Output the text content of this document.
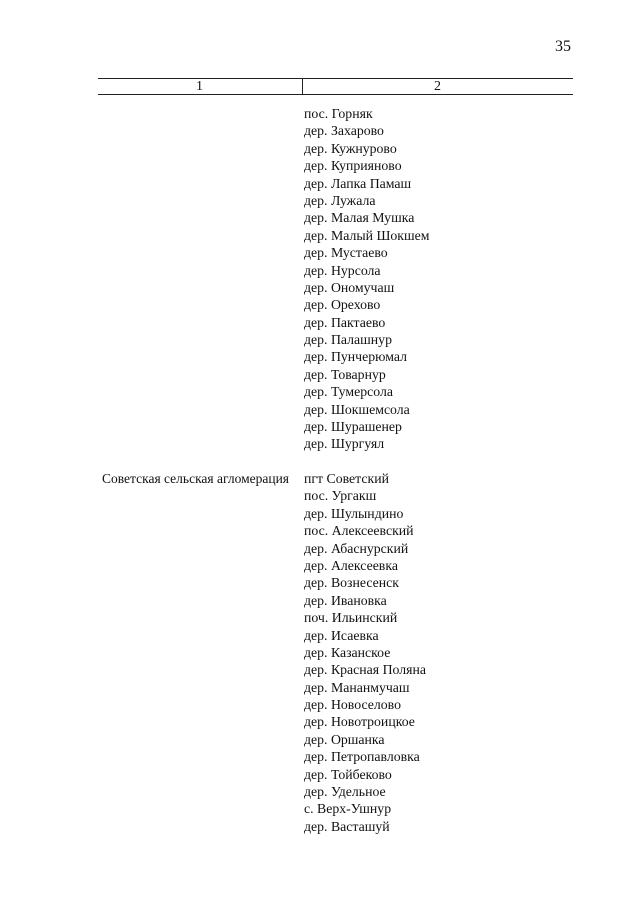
35
1	2
пос. Горняк
дер. Захарово
дер. Кужнурово
дер. Куприяново
дер. Лапка Памаш
дер. Лужала
дер. Малая Мушка
дер. Малый Шокшем
дер. Мустаево
дер. Нурсола
дер. Ономучаш
дер. Орехово
дер. Пактаево
дер. Палашнур
дер. Пунчерюмал
дер. Товарнур
дер. Тумерсола
дер. Шокшемсола
дер. Шурашенер
дер. Шургуял
Советская сельская агломерация пгт Советский
пос. Ургакш
дер. Шулындино
пос. Алексеевский
дер. Абаснурский
дер. Алексеевка
дер. Вознесенск
дер. Ивановка
поч. Ильинский
дер. Исаевка
дер. Казанское
дер. Красная Поляна
дер. Мананмучаш
дер. Новоселово
дер. Новотроицкое
дер. Оршанка
дер. Петропавловка
дер. Тойбеково
дер. Удельное
с. Верх-Ушнур
дер. Васташуй
